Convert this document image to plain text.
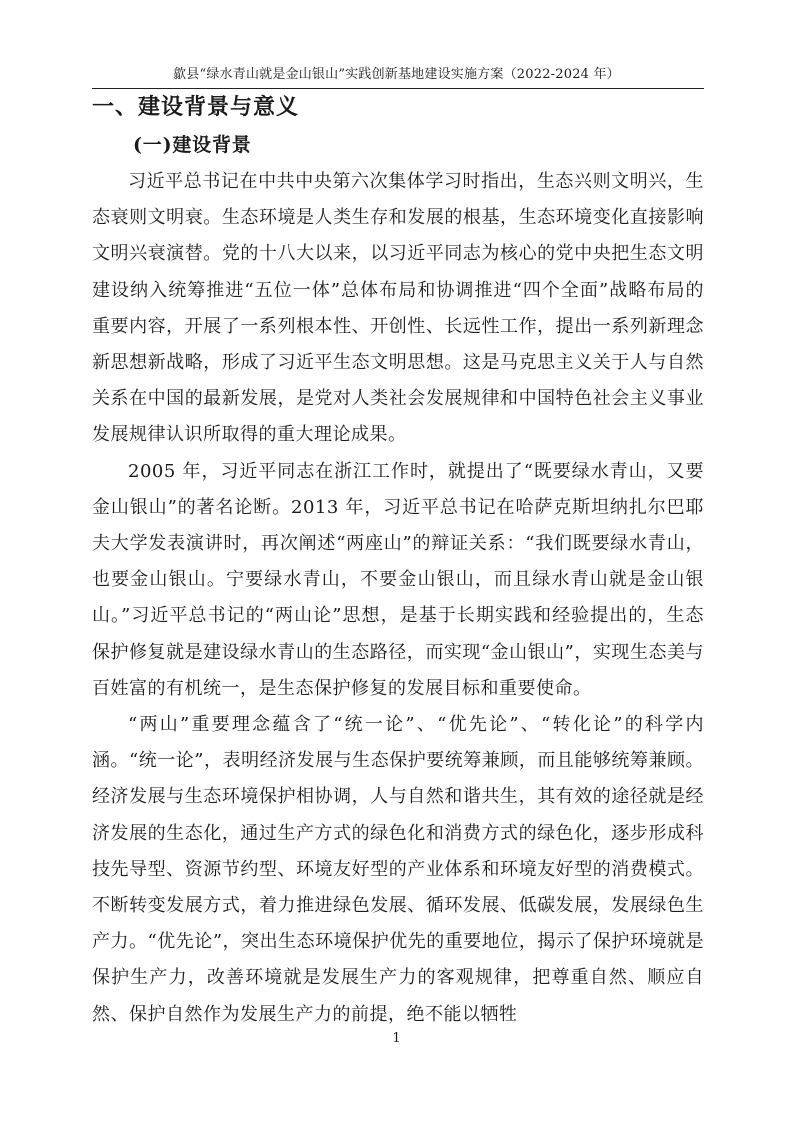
歙县“绿水青山就是金山银山”实践创新基地建设实施方案（2022-2024 年）
一、建设背景与意义
(一)建设背景

习近平总书记在中共中央第六次集体学习时指出，生态兴则文明兴，生态衰则文明衰。生态环境是人类生存和发展的根基，生态环境变化直接影响文明兴衰演替。党的十八大以来，以习近平同志为核心的党中央把生态文明建设纳入统筹推进“五位一体”总体布局和协调推进“四个全面”战略布局的重要内容，开展了一系列根本性、开创性、长远性工作，提出一系列新理念新思想新战略，形成了习近平生态文明思想。这是马克思主义关于人与自然关系在中国的最新发展，是党对人类社会发展规律和中国特色社会主义事业发展规律认识所取得的重大理论成果。

2005 年，习近平同志在浙江工作时，就提出了“既要绿水青山，又要金山银山”的著名论断。2013 年，习近平总书记在哈萨克斯坦纳扎尔巴耶夫大学发表演讲时，再次阐述“两座山”的辩证关系：“我们既要绿水青山，也要金山银山。宁要绿水青山，不要金山银山，而且绿水青山就是金山银山。”习近平总书记的“两山论”思想，是基于长期实践和经验提出的，生态保护修复就是建设绿水青山的生态路径，而实现“金山银山”，实现生态美与百姓富的有机统一，是生态保护修复的发展目标和重要使命。

“两山”重要理念蕴含了“统一论”、“优先论”、“转化论”的科学内涵。“统一论”，表明经济发展与生态保护要统筹兼顾，而且能够统筹兼顾。经济发展与生态环境保护相协调，人与自然和谐共生，其有效的途径就是经济发展的生态化，通过生产方式的绿色化和消费方式的绿色化，逐步形成科技先导型、资源节约型、环境友好型的产业体系和环境友好型的消费模式。不断转变发展方式，着力推进绿色发展、循环发展、低碳发展，发展绿色生产力。“优先论”，突出生态环境保护优先的重要地位，揭示了保护环境就是保护生产力，改善环境就是发展生产力的客观规律，把尊重自然、顺应自然、保护自然作为发展生产力的前提，绝不能以牺牲

1
